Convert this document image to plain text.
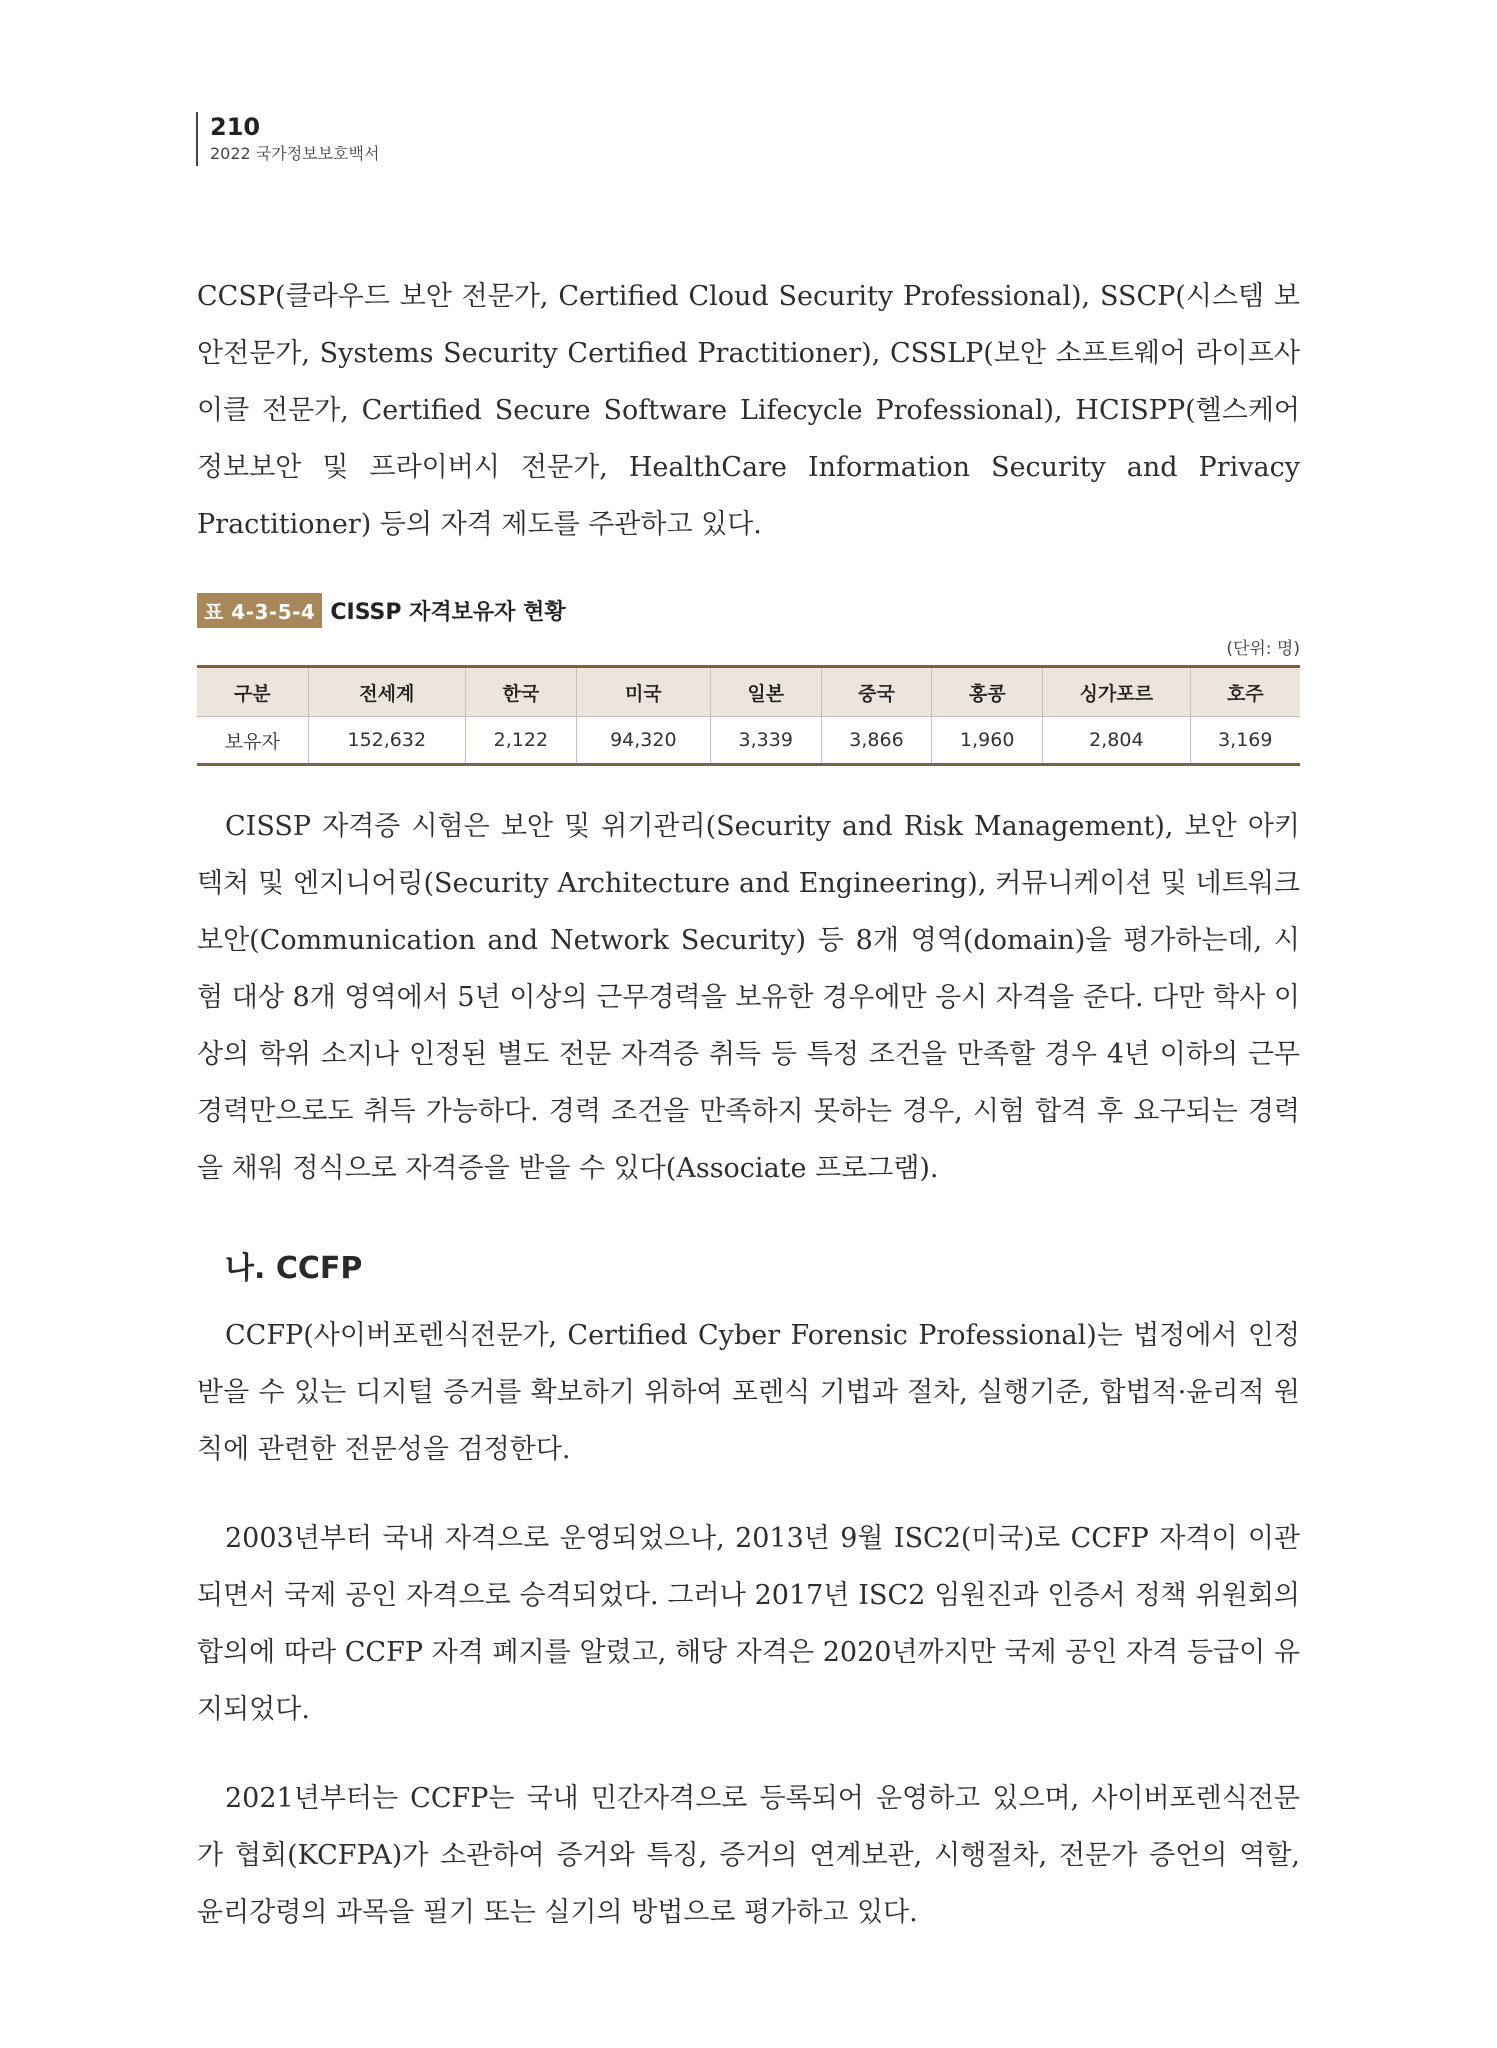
210
2022 국가정보보호백서

CCSP(클라우드 보안 전문가, Certified Cloud Security Professional), SSCP(시스템 보안전문가, Systems Security Certified Practitioner), CSSLP(보안 소프트웨어 라이프사이클 전문가, Certified Secure Software Lifecycle Professional), HCISPP(헬스케어 정보보안 및 프라이버시 전문가, HealthCare Information Security and Privacy Practitioner) 등의 자격 제도를 주관하고 있다.

표 4-3-5-4 CISSP 자격보유자 현황
(단위: 명)
구분	전세계	한국	미국	일본	중국	홍콩	싱가포르	호주
보유자	152,632	2,122	94,320	3,339	3,866	1,960	2,804	3,169

CISSP 자격증 시험은 보안 및 위기관리(Security and Risk Management), 보안 아키텍처 및 엔지니어링(Security Architecture and Engineering), 커뮤니케이션 및 네트워크 보안(Communication and Network Security) 등 8개 영역(domain)을 평가하는데, 시험 대상 8개 영역에서 5년 이상의 근무경력을 보유한 경우에만 응시 자격을 준다. 다만 학사 이상의 학위 소지나 인정된 별도 전문 자격증 취득 등 특정 조건을 만족할 경우 4년 이하의 근무경력만으로도 취득 가능하다. 경력 조건을 만족하지 못하는 경우, 시험 합격 후 요구되는 경력을 채워 정식으로 자격증을 받을 수 있다(Associate 프로그램).

나. CCFP

CCFP(사이버포렌식전문가, Certified Cyber Forensic Professional)는 법정에서 인정받을 수 있는 디지털 증거를 확보하기 위하여 포렌식 기법과 절차, 실행기준, 합법적·윤리적 원칙에 관련한 전문성을 검정한다.

2003년부터 국내 자격으로 운영되었으나, 2013년 9월 ISC2(미국)로 CCFP 자격이 이관되면서 국제 공인 자격으로 승격되었다. 그러나 2017년 ISC2 임원진과 인증서 정책 위원회의 합의에 따라 CCFP 자격 폐지를 알렸고, 해당 자격은 2020년까지만 국제 공인 자격 등급이 유지되었다.

2021년부터는 CCFP는 국내 민간자격으로 등록되어 운영하고 있으며, 사이버포렌식전문가 협회(KCFPA)가 소관하여 증거와 특징, 증거의 연계보관, 시행절차, 전문가 증언의 역할, 윤리강령의 과목을 필기 또는 실기의 방법으로 평가하고 있다.
